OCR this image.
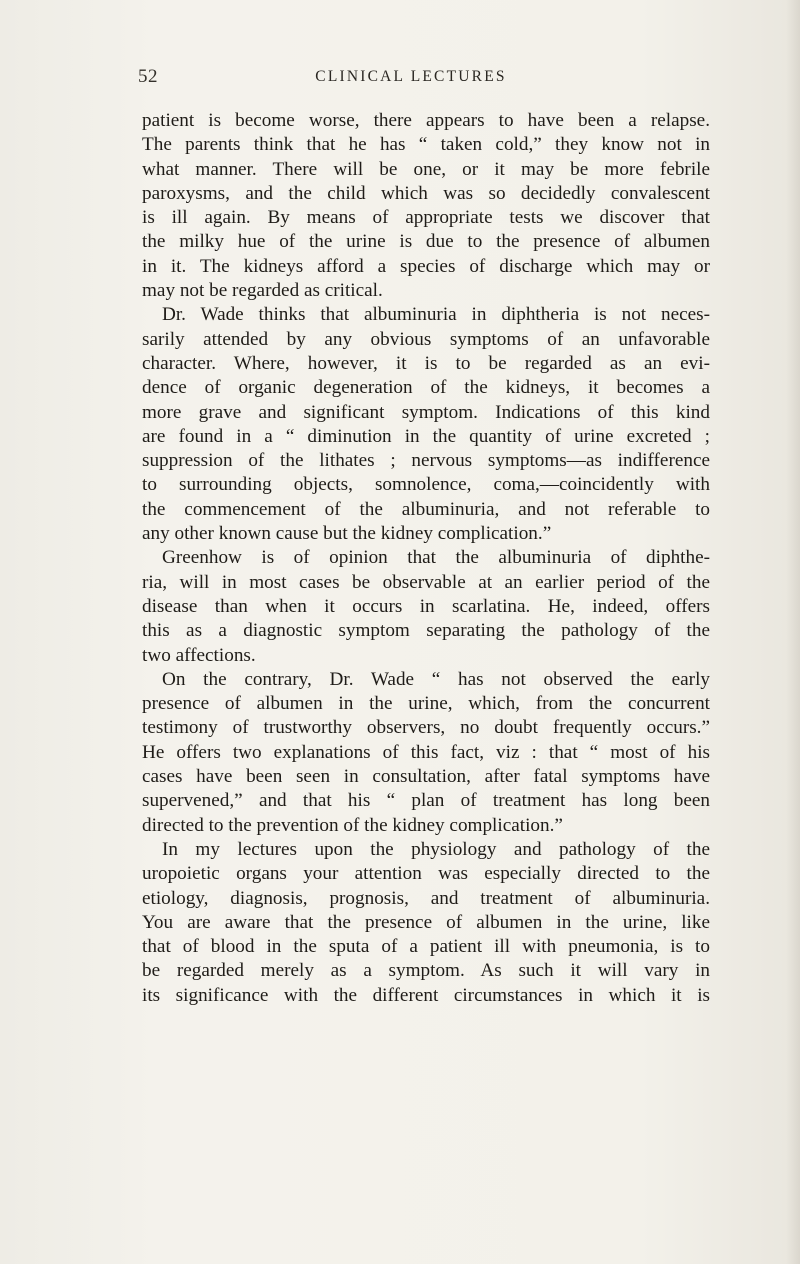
52	CLINICAL LECTURES
patient is become worse, there appears to have been a relapse.
The parents think that he has “ taken cold,” they know not in
what manner. There will be one, or it may be more febrile
paroxysms, and the child which was so decidedly convalescent
is ill again. By means of appropriate tests we discover that
the milky hue of the urine is due to the presence of albumen
in it. The kidneys afford a species of discharge which may or
may not be regarded as critical.
Dr. Wade thinks that albuminuria in diphtheria is not neces-
sarily attended by any obvious symptoms of an unfavorable
character. Where, however, it is to be regarded as an evi-
dence of organic degeneration of the kidneys, it becomes a
more grave and significant symptom. Indications of this kind
are found in a “ diminution in the quantity of urine excreted ;
suppression of the lithates ; nervous symptoms—as indifference
to surrounding objects, somnolence, coma,—coincidently with
the commencement of the albuminuria, and not referable to
any other known cause but the kidney complication.”
Greenhow is of opinion that the albuminuria of diphthe-
ria, will in most cases be observable at an earlier period of the
disease than when it occurs in scarlatina. He, indeed, offers
this as a diagnostic symptom separating the pathology of the
two affections.
On the contrary, Dr. Wade “ has not observed the early
presence of albumen in the urine, which, from the concurrent
testimony of trustworthy observers, no doubt frequently occurs.”
He offers two explanations of this fact, viz : that “ most of his
cases have been seen in consultation, after fatal symptoms have
supervened,” and that his “ plan of treatment has long been
directed to the prevention of the kidney complication.”
In my lectures upon the physiology and pathology of the
uropoietic organs your attention was especially directed to the
etiology, diagnosis, prognosis, and treatment of albuminuria.
You are aware that the presence of albumen in the urine, like
that of blood in the sputa of a patient ill with pneumonia, is to
be regarded merely as a symptom. As such it will vary in
its significance with the different circumstances in which it is
